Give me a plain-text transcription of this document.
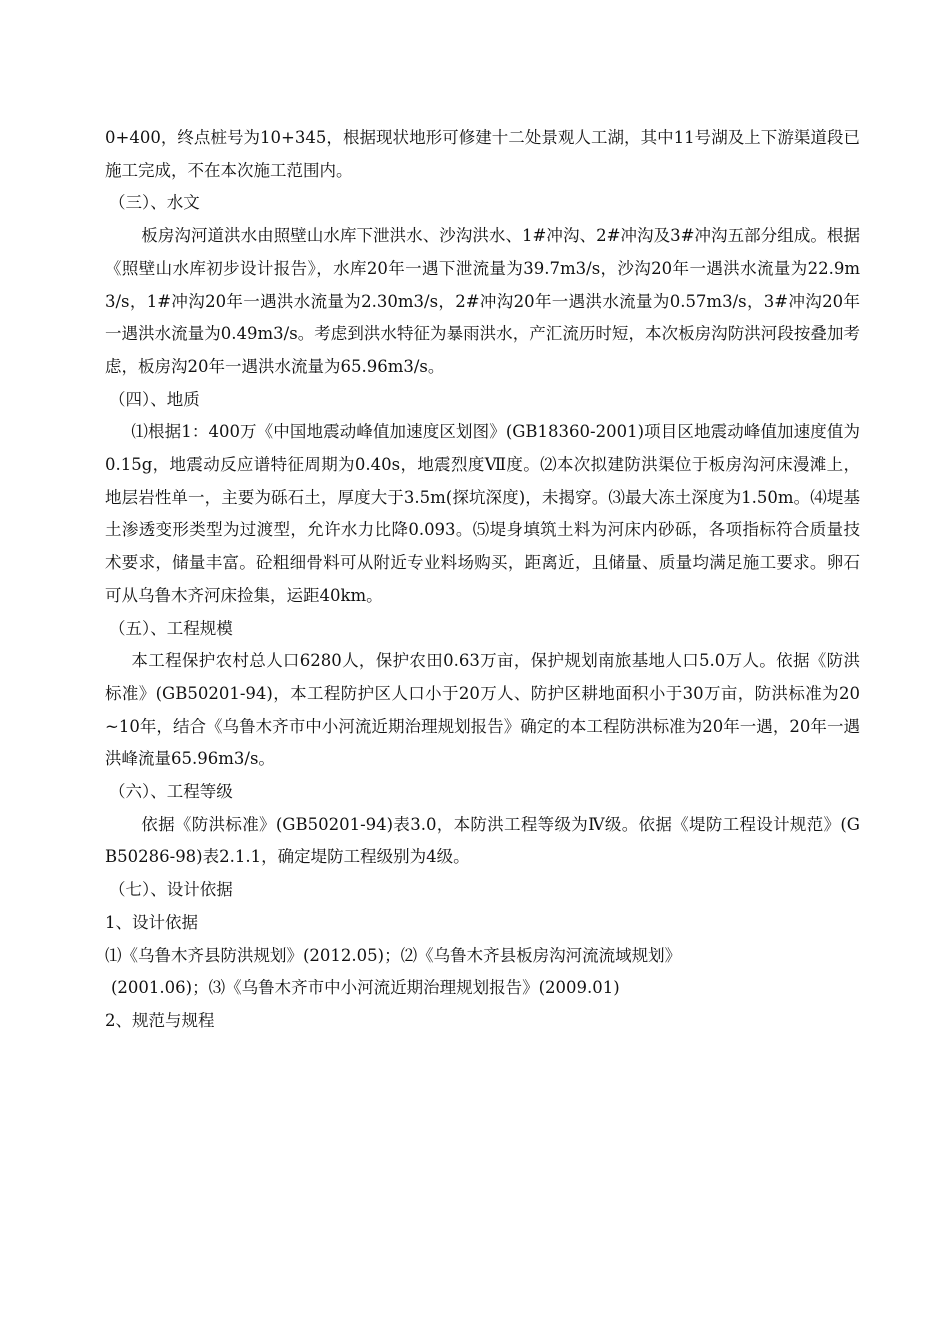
0+400，终点桩号为10+345，根据现状地形可修建十二处景观人工湖，其中11号湖及上下游渠道段已施工完成，不在本次施工范围内。

（三）、水文

板房沟河道洪水由照壁山水库下泄洪水、沙沟洪水、1#冲沟、2#冲沟及3#冲沟五部分组成。根据《照壁山水库初步设计报告》，水库20年一遇下泄流量为39.7m3/s，沙沟20年一遇洪水流量为22.9m3/s，1#冲沟20年一遇洪水流量为2.30m3/s，2#冲沟20年一遇洪水流量为0.57m3/s，3#冲沟20年一遇洪水流量为0.49m3/s。考虑到洪水特征为暴雨洪水，产汇流历时短，本次板房沟防洪河段按叠加考虑，板房沟20年一遇洪水流量为65.96m3/s。

（四）、地质

⑴根据1：400万《中国地震动峰值加速度区划图》(GB18360-2001)项目区地震动峰值加速度值为0.15g，地震动反应谱特征周期为0.40s，地震烈度Ⅶ度。⑵本次拟建防洪渠位于板房沟河床漫滩上，地层岩性单一，主要为砾石土，厚度大于3.5m(探坑深度)，未揭穿。⑶最大冻土深度为1.50m。⑷堤基土渗透变形类型为过渡型，允许水力比降0.093。⑸堤身填筑土料为河床内砂砾，各项指标符合质量技术要求，储量丰富。砼粗细骨料可从附近专业料场购买，距离近，且储量、质量均满足施工要求。卵石可从乌鲁木齐河床捡集，运距40km。

（五）、工程规模

本工程保护农村总人口6280人，保护农田0.63万亩，保护规划南旅基地人口5.0万人。依据《防洪标准》(GB50201-94)，本工程防护区人口小于20万人、防护区耕地面积小于30万亩，防洪标准为20~10年，结合《乌鲁木齐市中小河流近期治理规划报告》确定的本工程防洪标准为20年一遇，20年一遇洪峰流量65.96m3/s。

（六）、工程等级

依据《防洪标准》(GB50201-94)表3.0，本防洪工程等级为Ⅳ级。依据《堤防工程设计规范》(GB50286-98)表2.1.1，确定堤防工程级别为4级。

（七）、设计依据

1、设计依据

⑴《乌鲁木齐县防洪规划》(2012.05)；⑵《乌鲁木齐县板房沟河流流域规划》

(2001.06)；⑶《乌鲁木齐市中小河流近期治理规划报告》(2009.01)

2、规范与规程
